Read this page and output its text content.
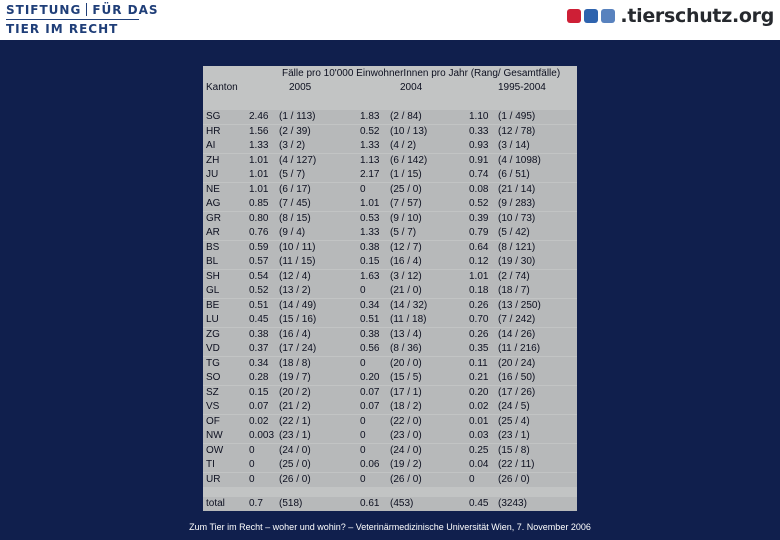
STIFTUNG FÜR DAS
TIER IM RECHT
.tierschutz.org
Fälle pro 10'000 EinwohnerInnen pro Jahr (Rang/ Gesamtfälle)
Kanton	2005	2004	1995-2004
SG	2.46 (1 / 113)	1.83 (2 / 84)	1.10 (1 / 495)
HR	1.56 (2 / 39)	0.52 (10 / 13)	0.33 (12 / 78)
AI	1.33 (3 / 2)	1.33 (4 / 2)	0.93 (3 / 14)
ZH	1.01 (4 / 127)	1.13 (6 / 142)	0.91 (4 / 1098)
JU	1.01 (5 / 7)	2.17 (1 / 15)	0.74 (6 / 51)
NE	1.01 (6 / 17)	0 (25 / 0)	0.08 (21 / 14)
AG	0.85 (7 / 45)	1.01 (7 / 57)	0.52 (9 / 283)
GR	0.80 (8 / 15)	0.53 (9 / 10)	0.39 (10 / 73)
AR	0.76 (9 / 4)	1.33 (5 / 7)	0.79 (5 / 42)
BS	0.59 (10 / 11)	0.38 (12 / 7)	0.64 (8 / 121)
BL	0.57 (11 / 15)	0.15 (16 / 4)	0.12 (19 / 30)
SH	0.54 (12 / 4)	1.63 (3 / 12)	1.01 (2 / 74)
GL	0.52 (13 / 2)	0 (21 / 0)	0.18 (18 / 7)
BE	0.51 (14 / 49)	0.34 (14 / 32)	0.26 (13 / 250)
LU	0.45 (15 / 16)	0.51 (11 / 18)	0.70 (7 / 242)
ZG	0.38 (16 / 4)	0.38 (13 / 4)	0.26 (14 / 26)
VD	0.37 (17 / 24)	0.56 (8 / 36)	0.35 (11 / 216)
TG	0.34 (18 / 8)	0 (20 / 0)	0.11 (20 / 24)
SO	0.28 (19 / 7)	0.20 (15 / 5)	0.21 (16 / 50)
SZ	0.15 (20 / 2)	0.07 (17 / 1)	0.20 (17 / 26)
VS	0.07 (21 / 2)	0.07 (18 / 2)	0.02 (24 / 5)
OF	0.02 (22 / 1)	0 (22 / 0)	0.01 (25 / 4)
NW	0.003 (23 / 1)	0 (23 / 0)	0.03 (23 / 1)
OW	0 (24 / 0)	0 (24 / 0)	0.25 (15 / 8)
TI	0 (25 / 0)	0.06 (19 / 2)	0.04 (22 / 11)
UR	0 (26 / 0)	0 (26 / 0)	0 (26 / 0)
total 0.7 (518)	0.61 (453)	0.45 (3243)
Zum Tier im Recht – woher und wohin? – Veterinärmedizinische Universität Wien, 7. November 2006
